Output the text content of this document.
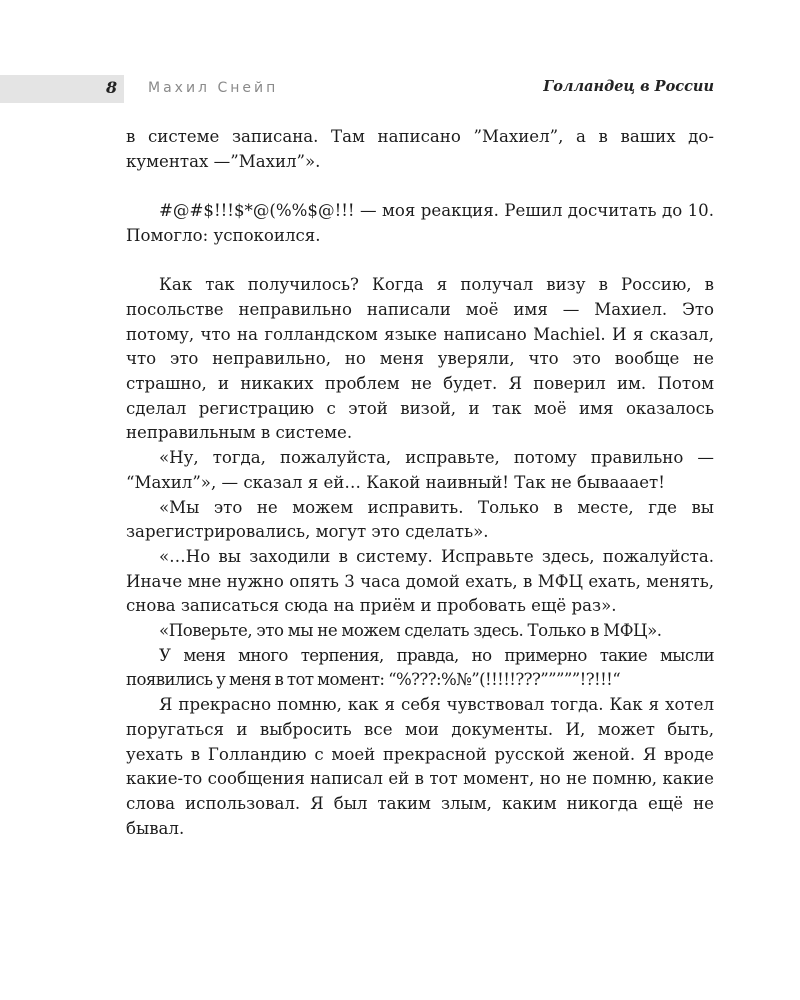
8 Махил Снейп	Голландец в России

в системе записана. Там написано ”Махиел”, а в ваших документах —”Махил”».

#@#$!!!$*@(%%$@!!! — моя реакция. Решил досчитать до 10. Помогло: успокоился.

Как так получилось? Когда я получал визу в Россию, в посольстве неправильно написали моё имя — Махиел. Это потому, что на голландском языке написано Machiel. И я сказал, что это неправильно, но меня уверяли, что это вообще не страшно, и никаких проблем не будет. Я поверил им. Потом сделал регистрацию с этой визой, и так моё имя оказалось неправильным в системе.

«Ну, тогда, пожалуйста, исправьте, потому правильно — “Махил”», — сказал я ей… Какой наивный! Так не бывааает!

«Мы это не можем исправить. Только в месте, где вы зарегистрировались, могут это сделать».

«…Но вы заходили в систему. Исправьте здесь, пожалуйста. Иначе мне нужно опять 3 часа домой ехать, в МФЦ ехать, менять, снова записаться сюда на приём и пробовать ещё раз».

«Поверьте, это мы не можем сделать здесь. Только в МФЦ».

У меня много терпения, правда, но примерно такие мысли появились у меня в тот момент: “%???:%№”(!!!!!???”””””!?!!!“

Я прекрасно помню, как я себя чувствовал тогда. Как я хотел поругаться и выбросить все мои документы. И, может быть, уехать в Голландию с моей прекрасной русской женой. Я вроде какие-то сообщения написал ей в тот момент, но не помню, какие слова использовал. Я был таким злым, каким никогда ещё не бывал.
